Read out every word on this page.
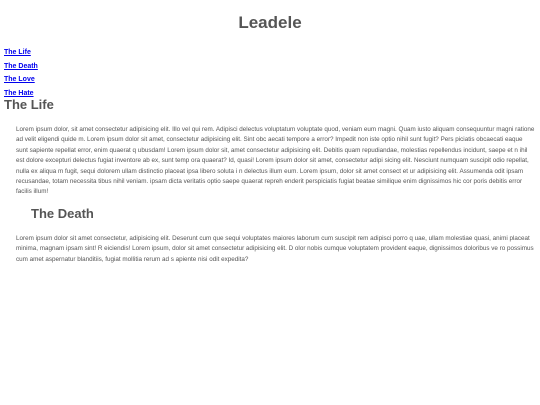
Leadele
The Life
The Death
The Love
The Hate
The Life

Lorem ipsum dolor, sit amet consectetur adipisicing elit. Illo vel qui rem. Adipisci delectus voluptatum voluptate quod, veniam eum magni. Quam iusto aliquam consequuntur magni ratione ad velit eligendi quide m. Lorem ipsum dolor sit amet, consectetur adipisicing elit. Sint obc aecati tempore a error? Impedit non iste optio nihil sunt fugit? Pers piciatis obcaecati eaque sunt sapiente repellat error, enim quaerat q ubusdam! Lorem ipsum dolor sit, amet consectetur adipisicing elit. Debitis quam repudiandae, molestias repellendus incidunt, saepe et n ihil est dolore excepturi delectus fugiat inventore ab ex, sunt temp ora quaerat? Id, quasi! Lorem ipsum dolor sit amet, consectetur adipi sicing elit. Nesciunt numquam suscipit odio repellat, nulla ex aliqua m fugit, sequi dolorem ullam distinctio placeat ipsa libero soluta i n delectus illum eum. Lorem ipsum, dolor sit amet consect et ur adipisicing elit. Assumenda odit ipsam recusandae, totam necessita tibus nihil veniam. ipsam dicta veritatis optio saepe quaerat repreh enderit perspiciatis fugiat beatae similique enim dignissimos hic cor poris debitis error facilis illum!

The Death

Lorem ipsum dolor sit amet consectetur, adipisicing elit. Deserunt cum que sequi voluptates maiores laborum cum suscipit rem adipisci porro q uae, ullam molestiae quasi, animi placeat minima, magnam ipsam sint! R eiciendis! Lorem ipsum, dolor sit amet consectetur adipisicing elit. D olor nobis cumque voluptatem provident eaque, dignissimos doloribus ve ro possimus cum amet aspernatur blanditiis, fugiat mollitia rerum ad s apiente nisi odit expedita?
